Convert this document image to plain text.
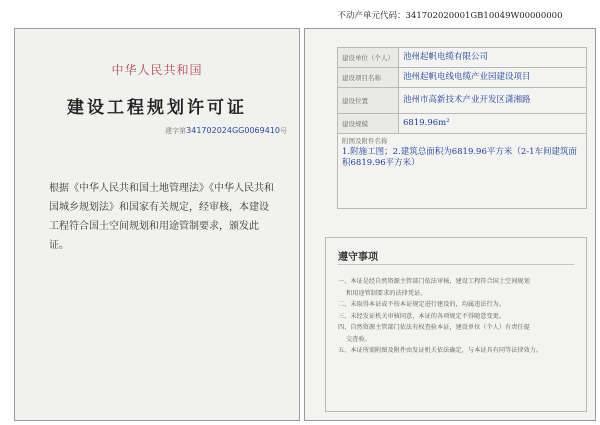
不动产单元代码：341702020001GB10049W00000000
中华人民共和国
建设工程规划许可证
建字第341702024GG0069410号
根据《中华人民共和国土地管理法》《中华人民共和国城乡规划法》和国家有关规定，经审核，本建设工程符合国土空间规划和用途管制要求，颁发此证。
建设单位（个人）	池州起帆电缆有限公司
建设项目名称	池州起帆电线电缆产业园建设项目
建设位置	池州市高新技术产业开发区潇湘路
建设规模	6819.96m²

附图及附件名称
1.附施工图；2.建筑总面积为6819.96平方米（2-1车间建筑面积6819.96平方米）	
遵守事项

一、本证是经自然资源主管部门依法审核，建设工程符合国土空间规划

和用途管制要求的法律凭证。

二、未取得本证或不按本证规定进行建设的，均属违法行为。

三、未经发证机关审核同意，本证的各项规定不得随意变更。

四、自然资源主管部门依法有权查验本证，建设单位（个人）有责任提

交查验。

五、本证所需附图及附件由发证机关依法确定，与本证具有同等法律效力。
